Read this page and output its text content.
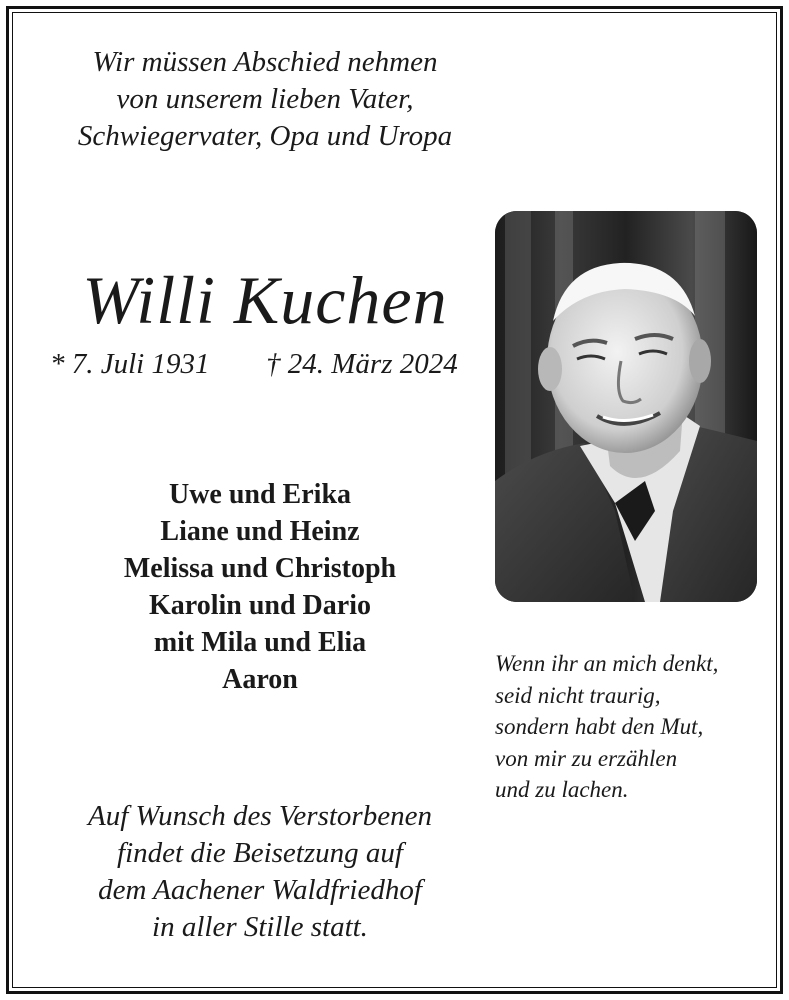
Wir müssen Abschied nehmen
von unserem lieben Vater,
Schwiegervater, Opa und Uropa
Willi Kuchen
* 7. Juli 1931 † 24. März 2024
Uwe und Erika
Liane und Heinz
Melissa und Christoph
Karolin und Dario
mit Mila und Elia
Aaron
Wenn ihr an mich denkt,
seid nicht traurig,
sondern habt den Mut,
von mir zu erzählen
und zu lachen.
Auf Wunsch des Verstorbenen
findet die Beisetzung auf
dem Aachener Waldfriedhof
in aller Stille statt.
